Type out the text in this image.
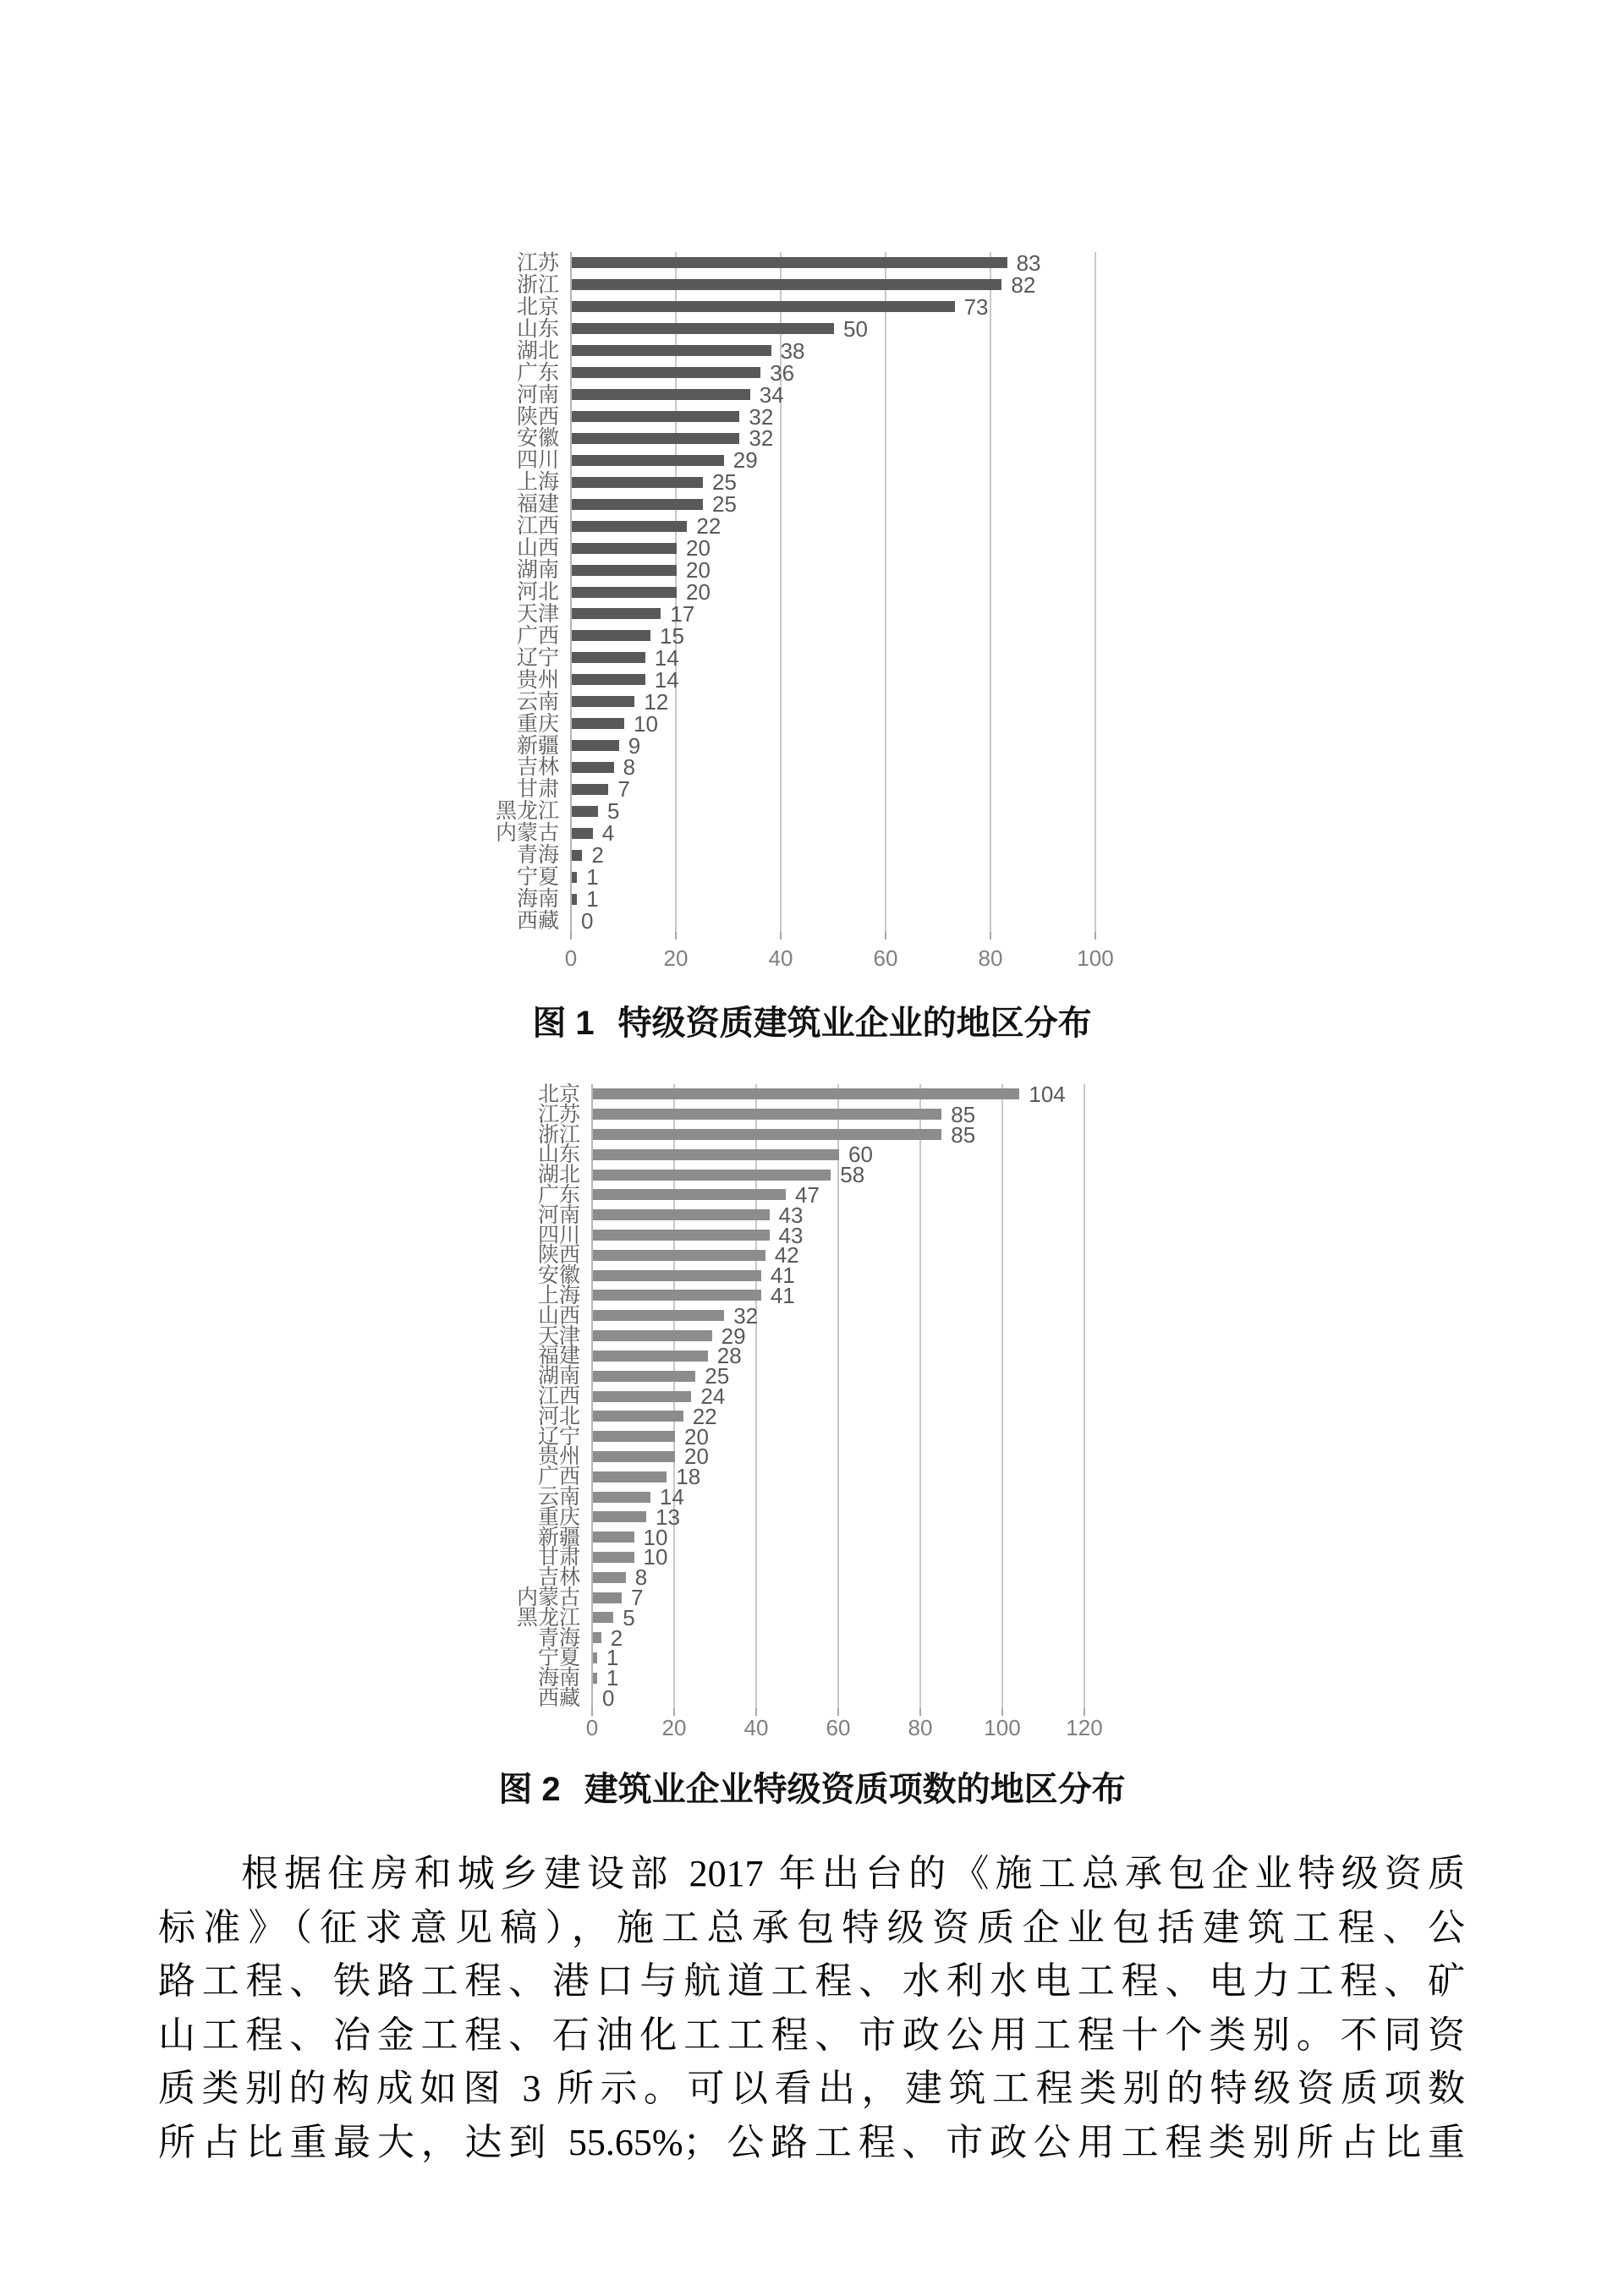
0	20	40	60	80	100
江苏	83
浙江	82
北京	73
山东	50
湖北	38
广东	36
河南	34
陕西	32
安徽	32
四川	29
上海	25
福建	25
江西	22
山西	20
湖南	20
河北	20
天津	17
广西	15
辽宁	14
贵州	14
云南	12
重庆	10
新疆	9
吉林	8
甘肃	7
黑龙江 5
内蒙古 4
青海 2
宁夏 1
海南 1
西藏 0
图 1 特级资质建筑业企业的地区分布
0	20	40	60	80	100	120
北京	104
江苏	85
浙江	85
山东	60
湖北	58
广东	47
河南	43
四川	43
陕西	42
安徽	41
上海	41
山西	32
天津	29
福建	28
湖南	25
江西	24
河北	22
辽宁	20
贵州	20
广西	18
云南	14
重庆	13
新疆	10
甘肃	10
吉林 8
内蒙古 7
黑龙江 5
青海 2
宁夏 1
海南 1
西藏 0
图 2 建筑业企业特级资质项数的地区分布
根据住房和城乡建设部 2017 年出台的《施工总承包企业特级资质
标准》（征求意见稿），施工总承包特级资质企业包括建筑工程、公
路工程、铁路工程、港口与航道工程、水利水电工程、电力工程、矿
山工程、冶金工程、石油化工工程、市政公用工程十个类别。不同资
质类别的构成如图 3 所示。可以看出，建筑工程类别的特级资质项数
所占比重最大，达到 55.65%；公路工程、市政公用工程类别所占比重
